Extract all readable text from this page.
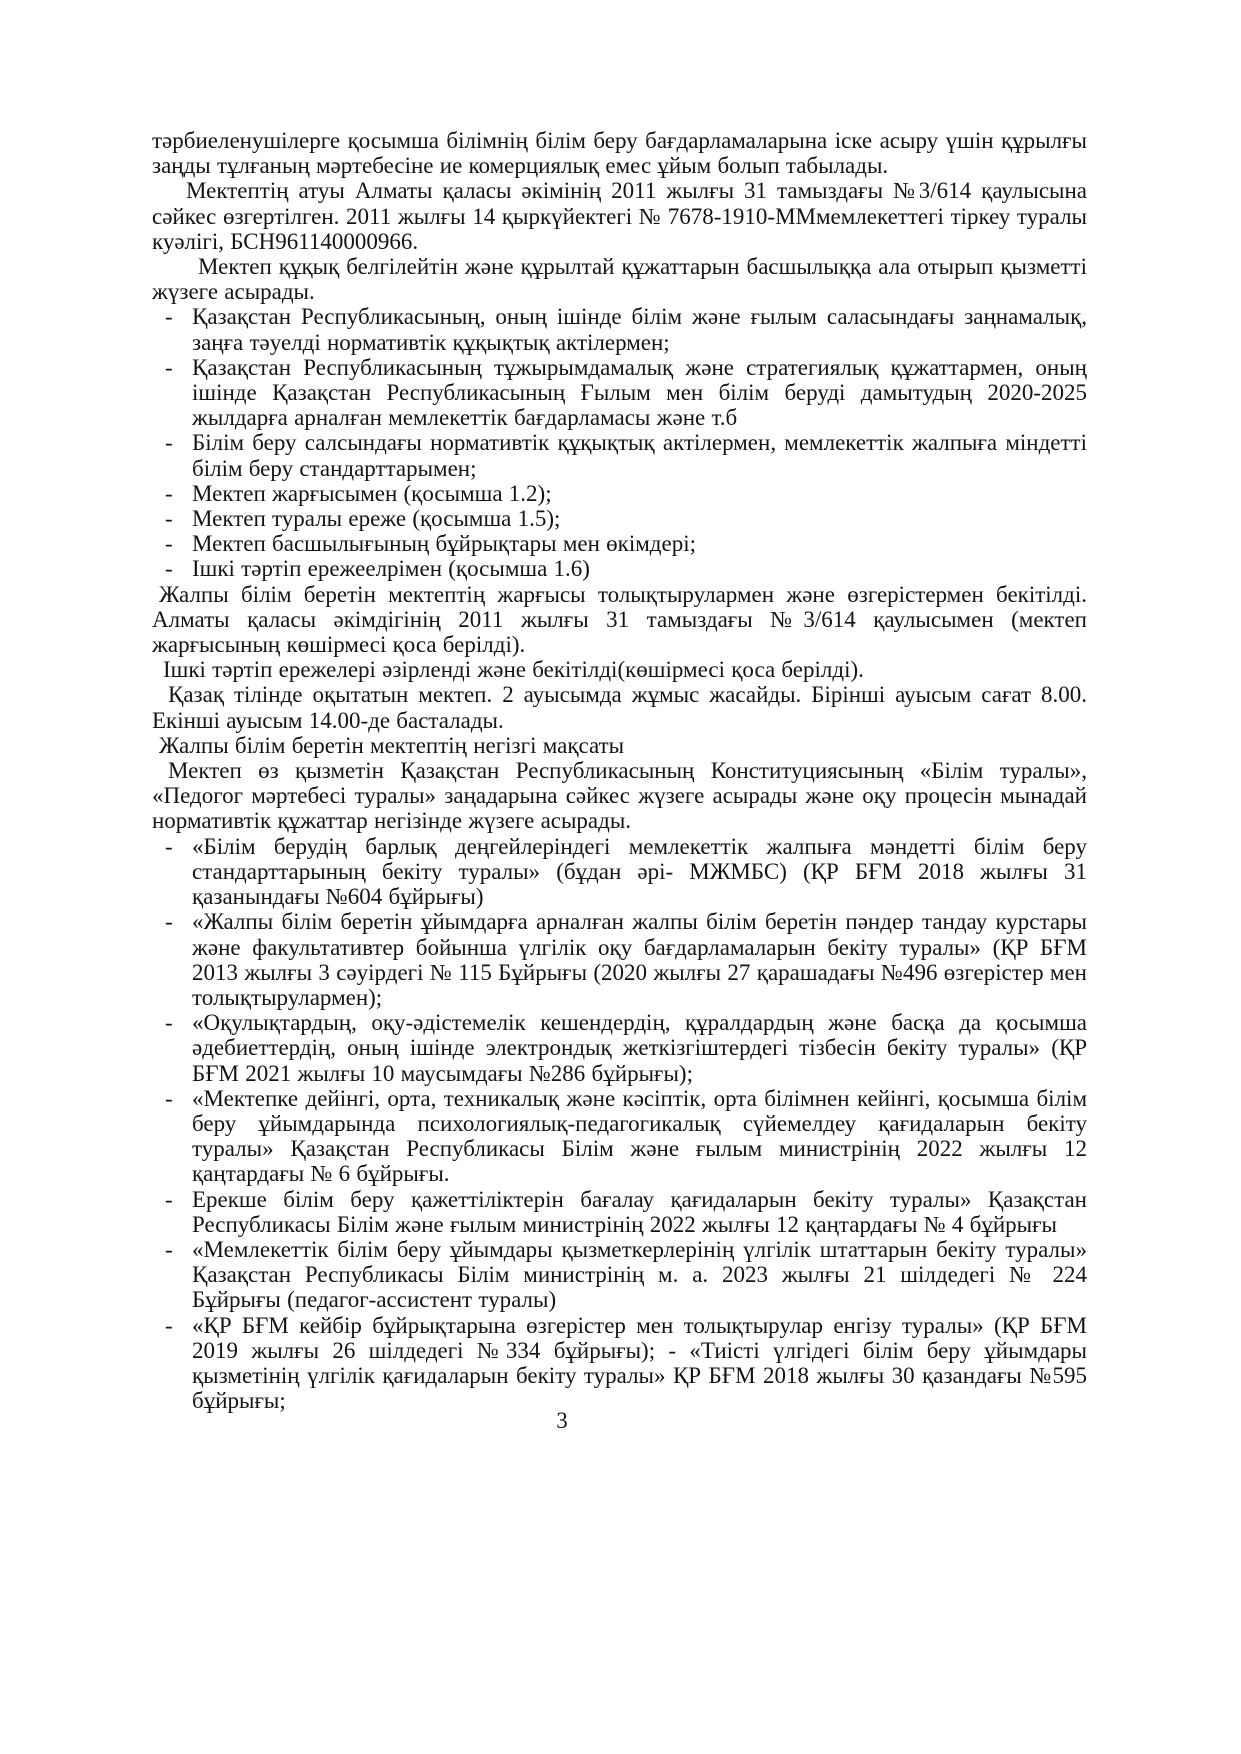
тәрбиеленушілерге қосымша білімнің білім беру бағдарламаларына іске асыру үшін құрылғы заңды тұлғаның мәртебесіне ие комерциялық емес ұйым болып табылады.

Мектептің атуы Алматы қаласы әкімінің 2011 жылғы 31 тамыздағы №3/614 қаулысына сәйкес өзгертілген. 2011 жылғы 14 қыркүйектегі № 7678-1910-ММмемлекеттегі тіркеу туралы куәлігі, БСН961140000966.

Мектеп құқық белгілейтін және құрылтай құжаттарын басшылыққа ала отырып қызметті жүзеге асырады.

- Қазақстан Республикасының, оның ішінде білім және ғылым саласындағы заңнамалық, заңға тәуелді нормативтік құқықтық актілермен;
- Қазақстан Республикасының тұжырымдамалық және стратегиялық құжаттармен, оның ішінде Қазақстан Республикасының Ғылым мен білім беруді дамытудың 2020-2025 жылдарға арналған мемлекеттік бағдарламасы және т.б
- Білім беру салсындағы нормативтік құқықтық актілермен, мемлекеттік жалпыға міндетті білім беру стандарттарымен;
- Мектеп жарғысымен (қосымша 1.2);
- Мектеп туралы ереже (қосымша 1.5);
- Мектеп басшылығының бұйрықтары мен өкімдері;
- Ішкі тәртіп ережеелрімен (қосымша 1.6)

Жалпы білім беретін мектептің жарғысы толықтырулармен және өзгерістермен бекітілді. Алматы қаласы әкімдігінің 2011 жылғы 31 тамыздағы №3/614 қаулысымен (мектеп жарғысының көшірмесі қоса берілді).

Ішкі тәртіп ережелері әзірленді және бекітілді(көшірмесі қоса берілді).

Қазақ тілінде оқытатын мектеп. 2 ауысымда жұмыс жасайды. Бірінші ауысым сағат 8.00. Екінші ауысым 14.00-де басталады.

Жалпы білім беретін мектептің негізгі мақсаты

Мектеп өз қызметін Қазақстан Республикасының Конституциясының «Білім туралы», «Педогог мәртебесі туралы» заңадарына сәйкес жүзеге асырады және оқу процесін мынадай нормативтік құжаттар негізінде жүзеге асырады.

- «Білім берудің барлық деңгейлеріндегі мемлекеттік жалпыға мәндетті білім беру стандарттарының бекіту туралы» (бұдан әрі- МЖМБС) (ҚР БҒМ 2018 жылғы 31 қазанындағы №604 бұйрығы)
- «Жалпы білім беретін ұйымдарға арналған жалпы білім беретін пәндер тандау курстары және факультативтер бойынша үлгілік оқу бағдарламаларын бекіту туралы» (ҚР БҒМ 2013 жылғы 3 сәуірдегі № 115 Бұйрығы (2020 жылғы 27 қарашадағы №496 өзгерістер мен толықтырулармен);
- «Оқулықтардың, оқу-әдістемелік кешендердің, құралдардың және басқа да қосымша әдебиеттердің, оның ішінде электрондық жеткізгіштердегі тізбесін бекіту туралы» (ҚР БҒМ 2021 жылғы 10 маусымдағы №286 бұйрығы);
- «Мектепке дейінгі, орта, техникалық және кәсіптік, орта білімнен кейінгі, қосымша білім беру ұйымдарында психологиялық-педагогикалық сүйемелдеу қағидаларын бекіту туралы» Қазақстан Республикасы Білім және ғылым министрінің 2022 жылғы 12 қаңтардағы № 6 бұйрығы.
- Ерекше білім беру қажеттіліктерін бағалау қағидаларын бекіту туралы» Қазақстан Республикасы Білім және ғылым министрінің 2022 жылғы 12 қаңтардағы № 4 бұйрығы
- «Мемлекеттік білім беру ұйымдары қызметкерлерінің үлгілік штаттарын бекіту туралы» Қазақстан Республикасы Білім министрінің м. а. 2023 жылғы 21 шілдедегі № 224 Бұйрығы (педагог-ассистент туралы)
- «ҚР БҒМ кейбір бұйрықтарына өзгерістер мен толықтырулар енгізу туралы» (ҚР БҒМ 2019 жылғы 26 шілдедегі №334 бұйрығы); - «Тиісті үлгідегі білім беру ұйымдары қызметінің үлгілік қағидаларын бекіту туралы» ҚР БҒМ 2018 жылғы 30 қазандағы №595 бұйрығы;
3
